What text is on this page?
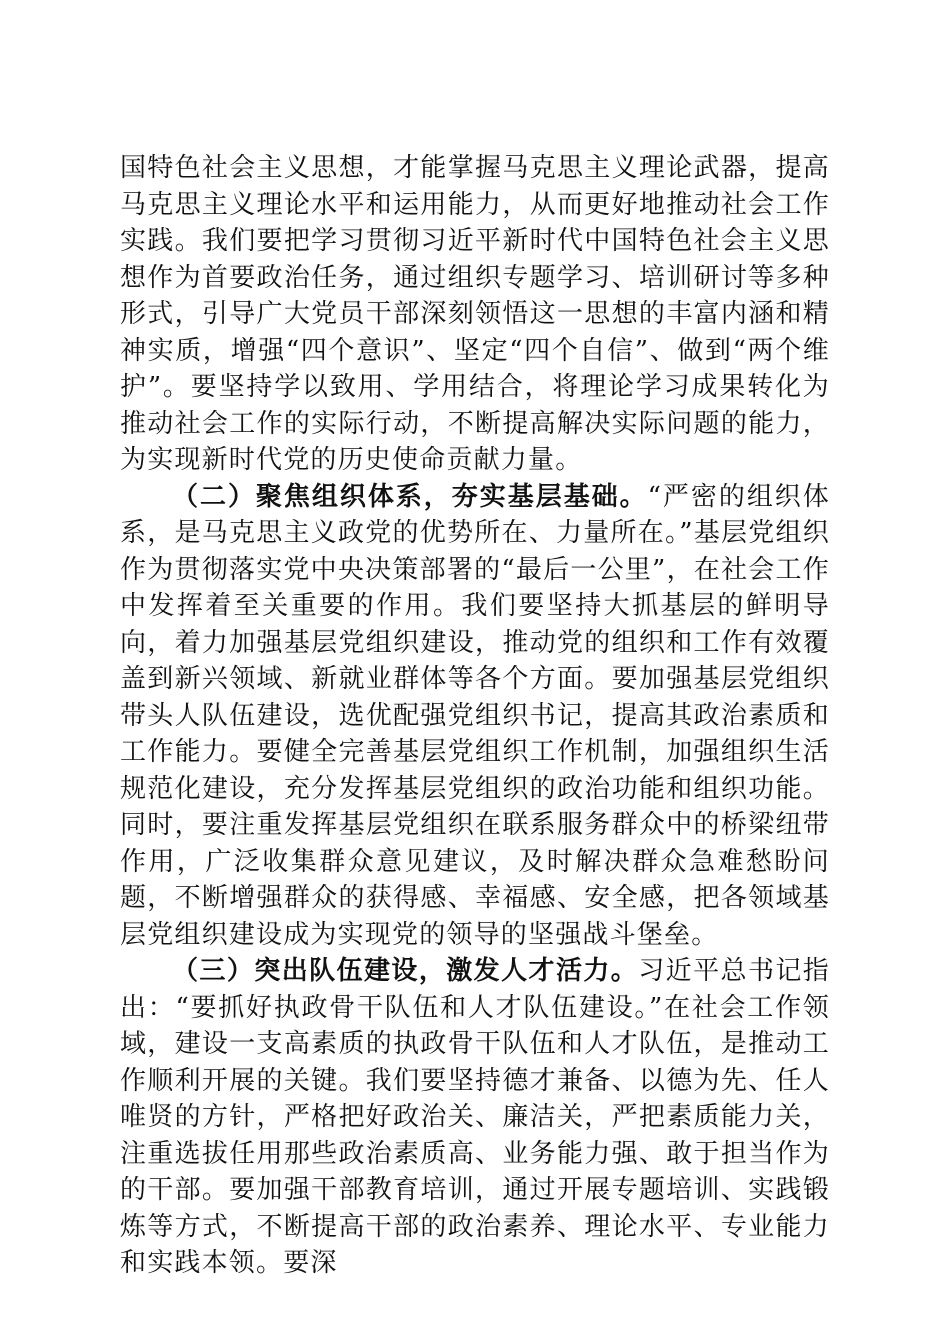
国特色社会主义思想，才能掌握马克思主义理论武器，提高马克思主义理论水平和运用能力，从而更好地推动社会工作实践。我们要把学习贯彻习近平新时代中国特色社会主义思想作为首要政治任务，通过组织专题学习、培训研讨等多种形式，引导广大党员干部深刻领悟这一思想的丰富内涵和精神实质，增强“四个意识”、坚定“四个自信”、做到“两个维护”。要坚持学以致用、学用结合，将理论学习成果转化为推动社会工作的实际行动，不断提高解决实际问题的能力，为实现新时代党的历史使命贡献力量。

（二）聚焦组织体系，夯实基层基础。“严密的组织体系，是马克思主义政党的优势所在、力量所在。”基层党组织作为贯彻落实党中央决策部署的“最后一公里”，在社会工作中发挥着至关重要的作用。我们要坚持大抓基层的鲜明导向，着力加强基层党组织建设，推动党的组织和工作有效覆盖到新兴领域、新就业群体等各个方面。要加强基层党组织带头人队伍建设，选优配强党组织书记，提高其政治素质和工作能力。要健全完善基层党组织工作机制，加强组织生活规范化建设，充分发挥基层党组织的政治功能和组织功能。同时，要注重发挥基层党组织在联系服务群众中的桥梁纽带作用，广泛收集群众意见建议，及时解决群众急难愁盼问题，不断增强群众的获得感、幸福感、安全感，把各领域基层党组织建设成为实现党的领导的坚强战斗堡垒。

（三）突出队伍建设，激发人才活力。习近平总书记指出：“要抓好执政骨干队伍和人才队伍建设。”在社会工作领域，建设一支高素质的执政骨干队伍和人才队伍，是推动工作顺利开展的关键。我们要坚持德才兼备、以德为先、任人唯贤的方针，严格把好政治关、廉洁关，严把素质能力关，注重选拔任用那些政治素质高、业务能力强、敢于担当作为的干部。要加强干部教育培训，通过开展专题培训、实践锻炼等方式，不断提高干部的政治素养、理论水平、专业能力和实践本领。要深
